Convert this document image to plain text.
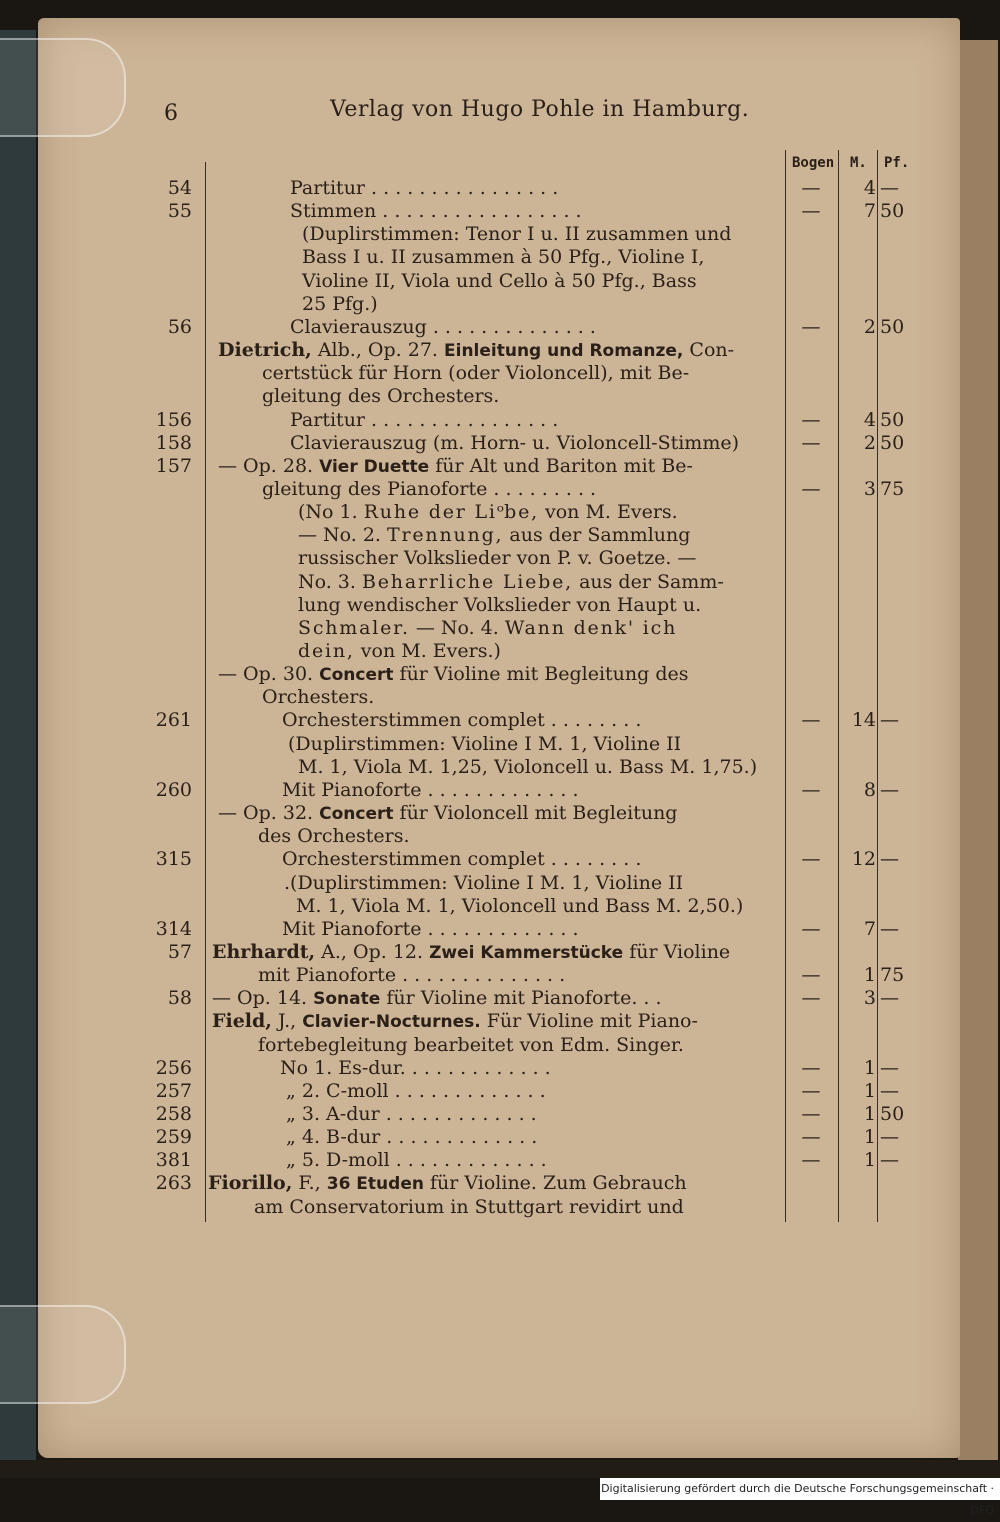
6	Verlag von Hugo Pohle in Hamburg.
Bogen M. Pf.
54	Partitur . . . . . . . . . . . . . . . .	—	4 —
55	Stimmen . . . . . . . . . . . . . . . . .	—	7 50
(Duplirstimmen: Tenor I u. II zusammen und
Bass I u. II zusammen à 50 Pfg., Violine I,
Violine II, Viola und Cello à 50 Pfg., Bass
25 Pfg.)
56	Clavierauszug . . . . . . . . . . . . . .	—	2 50
Dietrich, Alb., Op. 27. Einleitung und Romanze, Con-
certstück für Horn (oder Violoncell), mit Be-
gleitung des Orchesters.
156	Partitur . . . . . . . . . . . . . . . .	—	4 50
158	Clavierauszug (m. Horn- u. Violoncell-Stimme)	—	2 50
157 — Op. 28. Vier Duette für Alt und Bariton mit Be-
gleitung des Pianoforte . . . . . . . . .	—	3 75
(No 1. Ruhe der Liᵒbe, von M. Evers.
— No. 2. Trennung, aus der Sammlung
russischer Volkslieder von P. v. Goetze. —
No. 3. Beharrliche Liebe, aus der Samm-
lung wendischer Volkslieder von Haupt u.
Schmaler. — No. 4. Wann denk' ich
dein, von M. Evers.)
— Op. 30. Concert für Violine mit Begleitung des
Orchesters.
261	Orchesterstimmen complet . . . . . . . .	—	14 —
(Duplirstimmen: Violine I M. 1, Violine II
M. 1, Viola M. 1,25, Violoncell u. Bass M. 1,75.)
260	Mit Pianoforte . . . . . . . . . . . . .	—	8 —
— Op. 32. Concert für Violoncell mit Begleitung
des Orchesters.
315	Orchesterstimmen complet . . . . . . . .	—	12 —
.(Duplirstimmen: Violine I M. 1, Violine II
M. 1, Viola M. 1, Violoncell und Bass M. 2,50.)
314	Mit Pianoforte . . . . . . . . . . . . .	—	7 —
57 Ehrhardt, A., Op. 12. Zwei Kammerstücke für Violine
mit Pianoforte . . . . . . . . . . . . . .	—	1 75
58 — Op. 14. Sonate für Violine mit Pianoforte. . .	—	3 —
Field, J., Clavier-Nocturnes. Für Violine mit Piano-
fortebegleitung bearbeitet von Edm. Singer.
256	No 1. Es-dur. . . . . . . . . . . . .	—	1 —
257	„ 2. C-moll . . . . . . . . . . . . .	—	1 —
258	„ 3. A-dur . . . . . . . . . . . . .	—	1 50
259	„ 4. B-dur . . . . . . . . . . . . .	—	1 —
381	„ 5. D-moll . . . . . . . . . . . . .	—	1 —
263 Fiorillo, F., 36 Etuden für Violine. Zum Gebrauch
am Conservatorium in Stuttgart revidirt und
Digitalisierung gefördert durch die Deutsche Forschungsgemeinschaft · DFG
